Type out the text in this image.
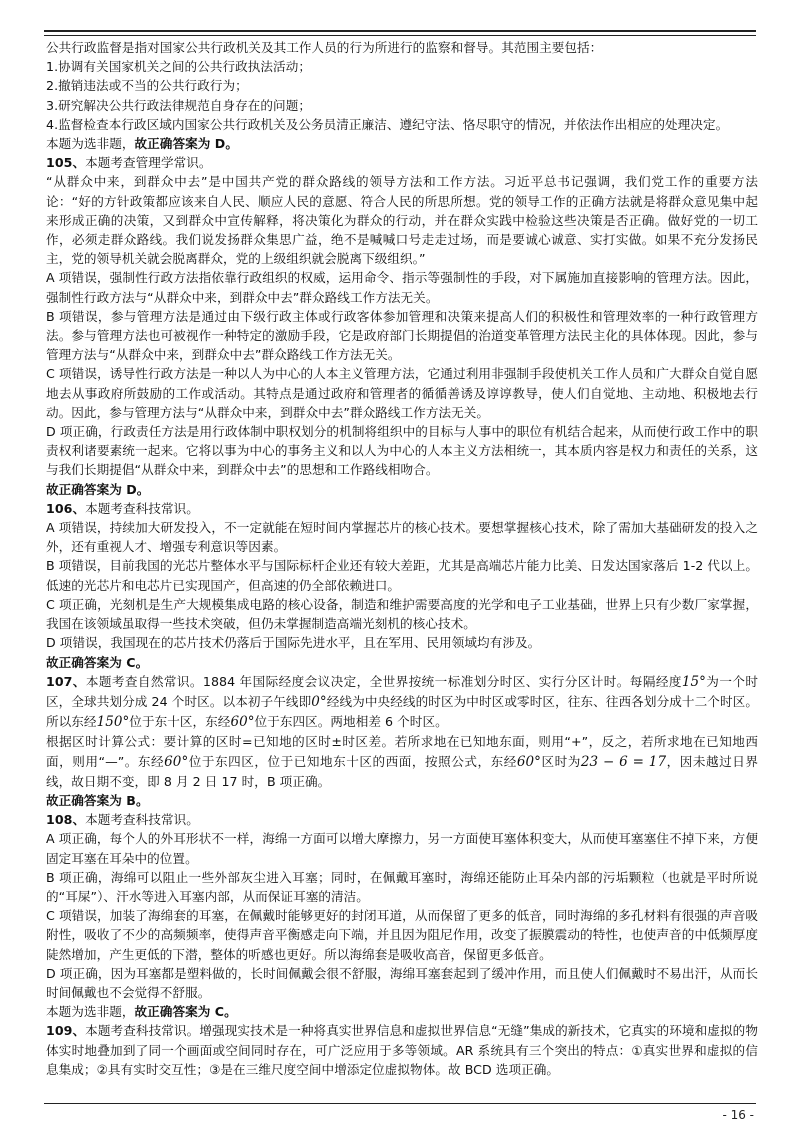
公共行政监督是指对国家公共行政机关及其工作人员的行为所进行的监察和督导。其范围主要包括：

1.协调有关国家机关之间的公共行政执法活动；

2.撤销违法或不当的公共行政行为；

3.研究解决公共行政法律规范自身存在的问题；

4.监督检查本行政区域内国家公共行政机关及公务员清正廉洁、遵纪守法、恪尽职守的情况，并依法作出相应的处理决定。

本题为选非题，故正确答案为 D。

105、本题考查管理学常识。

“从群众中来，到群众中去”是中国共产党的群众路线的领导方法和工作方法。习近平总书记强调，我们党工作的重要方法论：“好的方针政策都应该来自人民、顺应人民的意愿、符合人民的所思所想。党的领导工作的正确方法就是将群众意见集中起来形成正确的决策，又到群众中宣传解释，将决策化为群众的行动，并在群众实践中检验这些决策是否正确。做好党的一切工作，必须走群众路线。我们说发扬群众集思广益，绝不是喊喊口号走走过场，而是要诚心诚意、实打实做。如果不充分发扬民主，党的领导机关就会脱离群众，党的上级组织就会脱离下级组织。”

A 项错误，强制性行政方法指依靠行政组织的权威，运用命令、指示等强制性的手段，对下属施加直接影响的管理方法。因此，强制性行政方法与“从群众中来，到群众中去”群众路线工作方法无关。

B 项错误，参与管理方法是通过由下级行政主体或行政客体参加管理和决策来提高人们的积极性和管理效率的一种行政管理方法。参与管理方法也可被视作一种特定的激励手段，它是政府部门长期提倡的治道变革管理方法民主化的具体体现。因此，参与管理方法与“从群众中来，到群众中去”群众路线工作方法无关。

C 项错误，诱导性行政方法是一种以人为中心的人本主义管理方法，它通过利用非强制手段使机关工作人员和广大群众自觉自愿地去从事政府所鼓励的工作或活动。其特点是通过政府和管理者的循循善诱及谆谆教导，使人们自觉地、主动地、积极地去行动。因此，参与管理方法与“从群众中来，到群众中去”群众路线工作方法无关。

D 项正确，行政责任方法是用行政体制中职权划分的机制将组织中的目标与人事中的职位有机结合起来，从而使行政工作中的职责权利诸要素统一起来。它将以事为中心的事务主义和以人为中心的人本主义方法相统一，其本质内容是权力和责任的关系，这与我们长期提倡“从群众中来，到群众中去”的思想和工作路线相吻合。

故正确答案为 D。

106、本题考查科技常识。

A 项错误，持续加大研发投入，不一定就能在短时间内掌握芯片的核心技术。要想掌握核心技术，除了需加大基础研发的投入之外，还有重视人才、增强专利意识等因素。

B 项错误，目前我国的光芯片整体水平与国际标杆企业还有较大差距，尤其是高端芯片能力比美、日发达国家落后 1-2 代以上。低速的光芯片和电芯片已实现国产，但高速的仍全部依赖进口。

C 项正确，光刻机是生产大规模集成电路的核心设备，制造和维护需要高度的光学和电子工业基础，世界上只有少数厂家掌握，我国在该领域虽取得一些技术突破，但仍未掌握制造高端光刻机的核心技术。

D 项错误，我国现在的芯片技术仍落后于国际先进水平，且在军用、民用领域均有涉及。

故正确答案为 C。

107、本题考查自然常识。1884 年国际经度会议决定，全世界按统一标准划分时区、实行分区计时。每隔经度15°为一个时区，全球共划分成 24 个时区。以本初子午线即0°经线为中央经线的时区为中时区或零时区，往东、往西各划分成十二个时区。所以东经150°位于东十区，东经60°位于东四区。两地相差 6 个时区。

根据区时计算公式：要计算的区时=已知地的区时±时区差。若所求地在已知地东面，则用“+”，反之，若所求地在已知地西面，则用“—”。东经60°位于东四区，位于已知地东十区的西面，按照公式，东经60°区时为23 − 6 = 17，因未越过日界线，故日期不变，即 8 月 2 日 17 时，B 项正确。

故正确答案为 B。

108、本题考查科技常识。

A 项正确，每个人的外耳形状不一样，海绵一方面可以增大摩擦力，另一方面使耳塞体积变大，从而使耳塞塞住不掉下来，方便固定耳塞在耳朵中的位置。

B 项正确，海绵可以阻止一些外部灰尘进入耳塞；同时，在佩戴耳塞时，海绵还能防止耳朵内部的污垢颗粒（也就是平时所说的“耳屎”）、汗水等进入耳塞内部，从而保证耳塞的清洁。

C 项错误，加装了海绵套的耳塞，在佩戴时能够更好的封闭耳道，从而保留了更多的低音，同时海绵的多孔材料有很强的声音吸附性，吸收了不少的高频频率，使得声音平衡感走向下端，并且因为阻尼作用，改变了振膜震动的特性，也使声音的中低频厚度陡然增加，产生更低的下潜，整体的听感也更好。所以海绵套是吸收高音，保留更多低音。

D 项正确，因为耳塞都是塑料做的，长时间佩戴会很不舒服，海绵耳塞套起到了缓冲作用，而且使人们佩戴时不易出汗，从而长时间佩戴也不会觉得不舒服。

本题为选非题，故正确答案为 C。

109、本题考查科技常识。增强现实技术是一种将真实世界信息和虚拟世界信息“无缝”集成的新技术，它真实的环境和虚拟的物体实时地叠加到了同一个画面或空间同时存在，可广泛应用于多等领域。AR 系统具有三个突出的特点：①真实世界和虚拟的信息集成；②具有实时交互性；③是在三维尺度空间中增添定位虚拟物体。故 BCD 选项正确。

- 16 -
